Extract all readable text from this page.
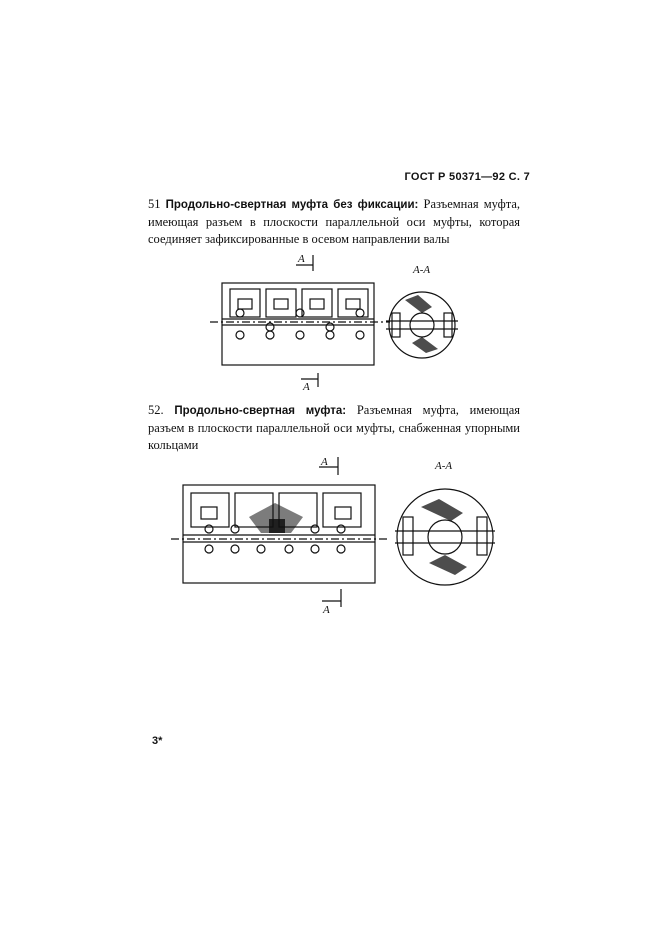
ГОСТ Р 50371—92 С. 7

51 Продольно-свертная муфта без фиксации: Разъемная муфта, имеющая разъем в плоскости параллельной оси муфты, которая соединяет зафиксированные в осевом направлении валы

А
А
А-А

52. Продольно-свертная муфта: Разъемная муфта, имеющая разъем в плоскости параллельной оси муфты, снабженная упорными кольцами

А
А
А-А
3*
